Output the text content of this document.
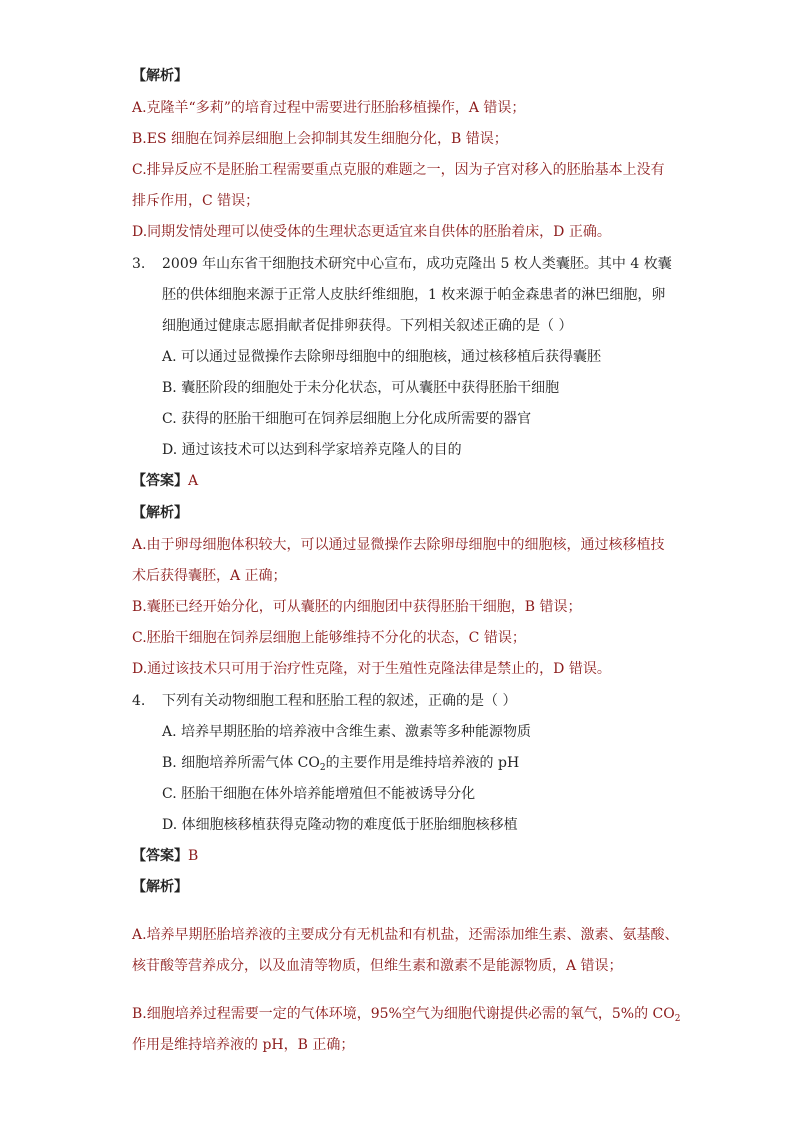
【解析】
A.克隆羊“多莉”的培育过程中需要进行胚胎移植操作，A 错误；
B.ES 细胞在饲养层细胞上会抑制其发生细胞分化，B 错误；
C.排异反应不是胚胎工程需要重点克服的难题之一，因为子宫对移入的胚胎基本上没有
排斥作用，C 错误；
D.同期发情处理可以使受体的生理状态更适宜来自供体的胚胎着床，D 正确。
3. 2009 年山东省干细胞技术研究中心宣布，成功克隆出 5 枚人类囊胚。其中 4 枚囊
胚的供体细胞来源于正常人皮肤纤维细胞，1 枚来源于帕金森患者的淋巴细胞，卵
细胞通过健康志愿捐献者促排卵获得。下列相关叙述正确的是（ ）
A. 可以通过显微操作去除卵母细胞中的细胞核，通过核移植后获得囊胚
B. 囊胚阶段的细胞处于未分化状态，可从囊胚中获得胚胎干细胞
C. 获得的胚胎干细胞可在饲养层细胞上分化成所需要的器官
D. 通过该技术可以达到科学家培养克隆人的目的
【答案】A
【解析】
A.由于卵母细胞体积较大，可以通过显微操作去除卵母细胞中的细胞核，通过核移植技
术后获得囊胚，A 正确；
B.囊胚已经开始分化，可从囊胚的内细胞团中获得胚胎干细胞，B 错误；
C.胚胎干细胞在饲养层细胞上能够维持不分化的状态，C 错误；
D.通过该技术只可用于治疗性克隆，对于生殖性克隆法律是禁止的，D 错误。
4. 下列有关动物细胞工程和胚胎工程的叙述，正确的是（ ）
A. 培养早期胚胎的培养液中含维生素、激素等多种能源物质
B. 细胞培养所需气体 $CO_2$的主要作用是维持培养液的 pH
C. 胚胎干细胞在体外培养能增殖但不能被诱导分化
D. 体细胞核移植获得克隆动物的难度低于胚胎细胞核移植
【答案】B
【解析】
A.培养早期胚胎培养液的主要成分有无机盐和有机盐，还需添加维生素、激素、氨基酸、
核苷酸等营养成分，以及血清等物质，但维生素和激素不是能源物质，A 错误；
B.细胞培养过程需要一定的气体环境，95%空气为细胞代谢提供必需的氧气，5%的 $CO_2$
作用是维持培养液的 pH，B 正确；
